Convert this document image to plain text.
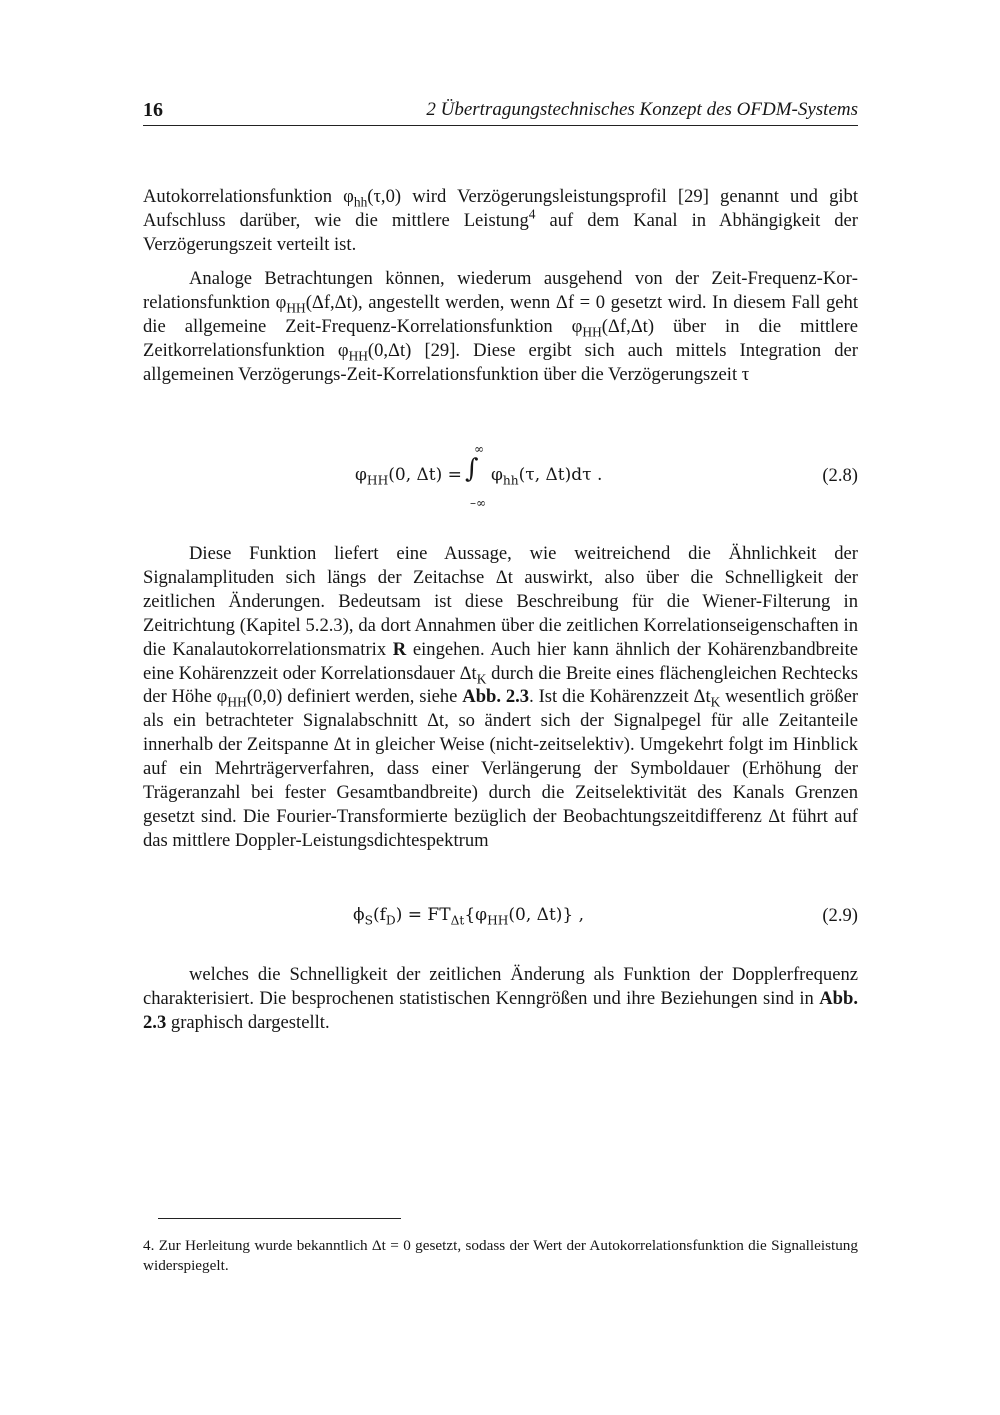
16	2 Übertragungstechnisches Konzept des OFDM-Systems

Autokorrelationsfunktion $\varphi_{hh}(\tau,0)$ wird Verzögerungsleistungsprofil [29] genannt und gibt Aufschluss darüber, wie die mittlere Leistung$^4$ auf dem Kanal in Abhängigkeit der Verzögerungszeit verteilt ist.

Analoge Betrachtungen können, wiederum ausgehend von der Zeit-Frequenz-Korrelationsfunktion $\varphi_{HH}(\Delta f,\Delta t)$, angestellt werden, wenn Δf = 0 gesetzt wird. In diesem Fall geht die allgemeine Zeit-Frequenz-Korrelationsfunktion $\varphi_{HH}(\Delta f,\Delta t)$ über in die mittlere Zeitkorrelationsfunktion $\varphi_{HH}(0,\Delta t)$ [29]. Diese ergibt sich auch mittels Integration der allgemeinen Verzögerungs-Zeit-Korrelationsfunktion über die Verzögerungszeit τ

$\varphi_{HH}(0$, Δt) =
∞
∫
–∞
$\varphi_{hh}(\tau$, Δt)dτ .	(2.8)

Diese Funktion liefert eine Aussage, wie weitreichend die Ähnlichkeit der Signalamplituden sich längs der Zeitachse Δt auswirkt, also über die Schnelligkeit der zeitlichen Änderungen. Bedeutsam ist diese Beschreibung für die Wiener-Filterung in Zeitrichtung (Kapitel 5.2.3), da dort Annahmen über die zeitlichen Korrelationseigenschaften in die Kanalautokorrelationsmatrix R eingehen. Auch hier kann ähnlich der Kohärenzbandbreite eine Kohärenzzeit oder Korrelationsdauer $\Delta t_K$ durch die Breite eines flächengleichen Rechtecks der Höhe $\varphi_{HH}(0,0)$ definiert werden, siehe Abb. 2.3. Ist die Kohärenzzeit $\Delta t_K$ wesentlich größer als ein betrachteter Signalabschnitt Δt, so ändert sich der Signalpegel für alle Zeitanteile innerhalb der Zeitspanne Δt in gleicher Weise (nicht-zeitselektiv). Umgekehrt folgt im Hinblick auf ein Mehrträgerverfahren, dass einer Verlängerung der Symboldauer (Erhöhung der Trägeranzahl bei fester Gesamtbandbreite) durch die Zeitselektivität des Kanals Grenzen gesetzt sind. Die Fourier-Transformierte bezüglich der Beobachtungszeitdifferenz Δt führt auf das mittlere Doppler-Leistungsdichtespektrum

$\phi_S(f_D) = FT_{\Delta t}\{\varphi_{HH}(0$, Δt)} ,	(2.9)

welches die Schnelligkeit der zeitlichen Änderung als Funktion der Dopplerfrequenz charakterisiert. Die besprochenen statistischen Kenngrößen und ihre Beziehungen sind in Abb. 2.3 graphisch dargestellt.

4. Zur Herleitung wurde bekanntlich Δt = 0 gesetzt, sodass der Wert der Autokorrelationsfunktion die Signalleistung widerspiegelt.
